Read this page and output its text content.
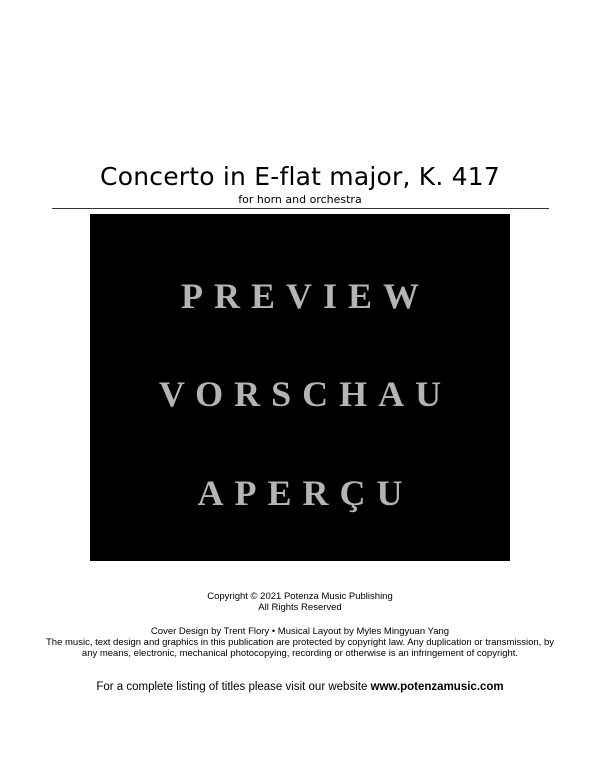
Concerto in E-flat major, K. 417
for horn and orchestra
PREVIEW
VORSCHAU
APERÇU
Copyright © 2021 Potenza Music Publishing
All Rights Reserved
Cover Design by Trent Flory • Musical Layout by Myles Mingyuan Yang
The music, text design and graphics in this publication are protected by copyright law. Any duplication or transmission, by any means, electronic, mechanical photocopying, recording or otherwise is an infringement of copyright.
For a complete listing of titles please visit our website www.potenzamusic.com
